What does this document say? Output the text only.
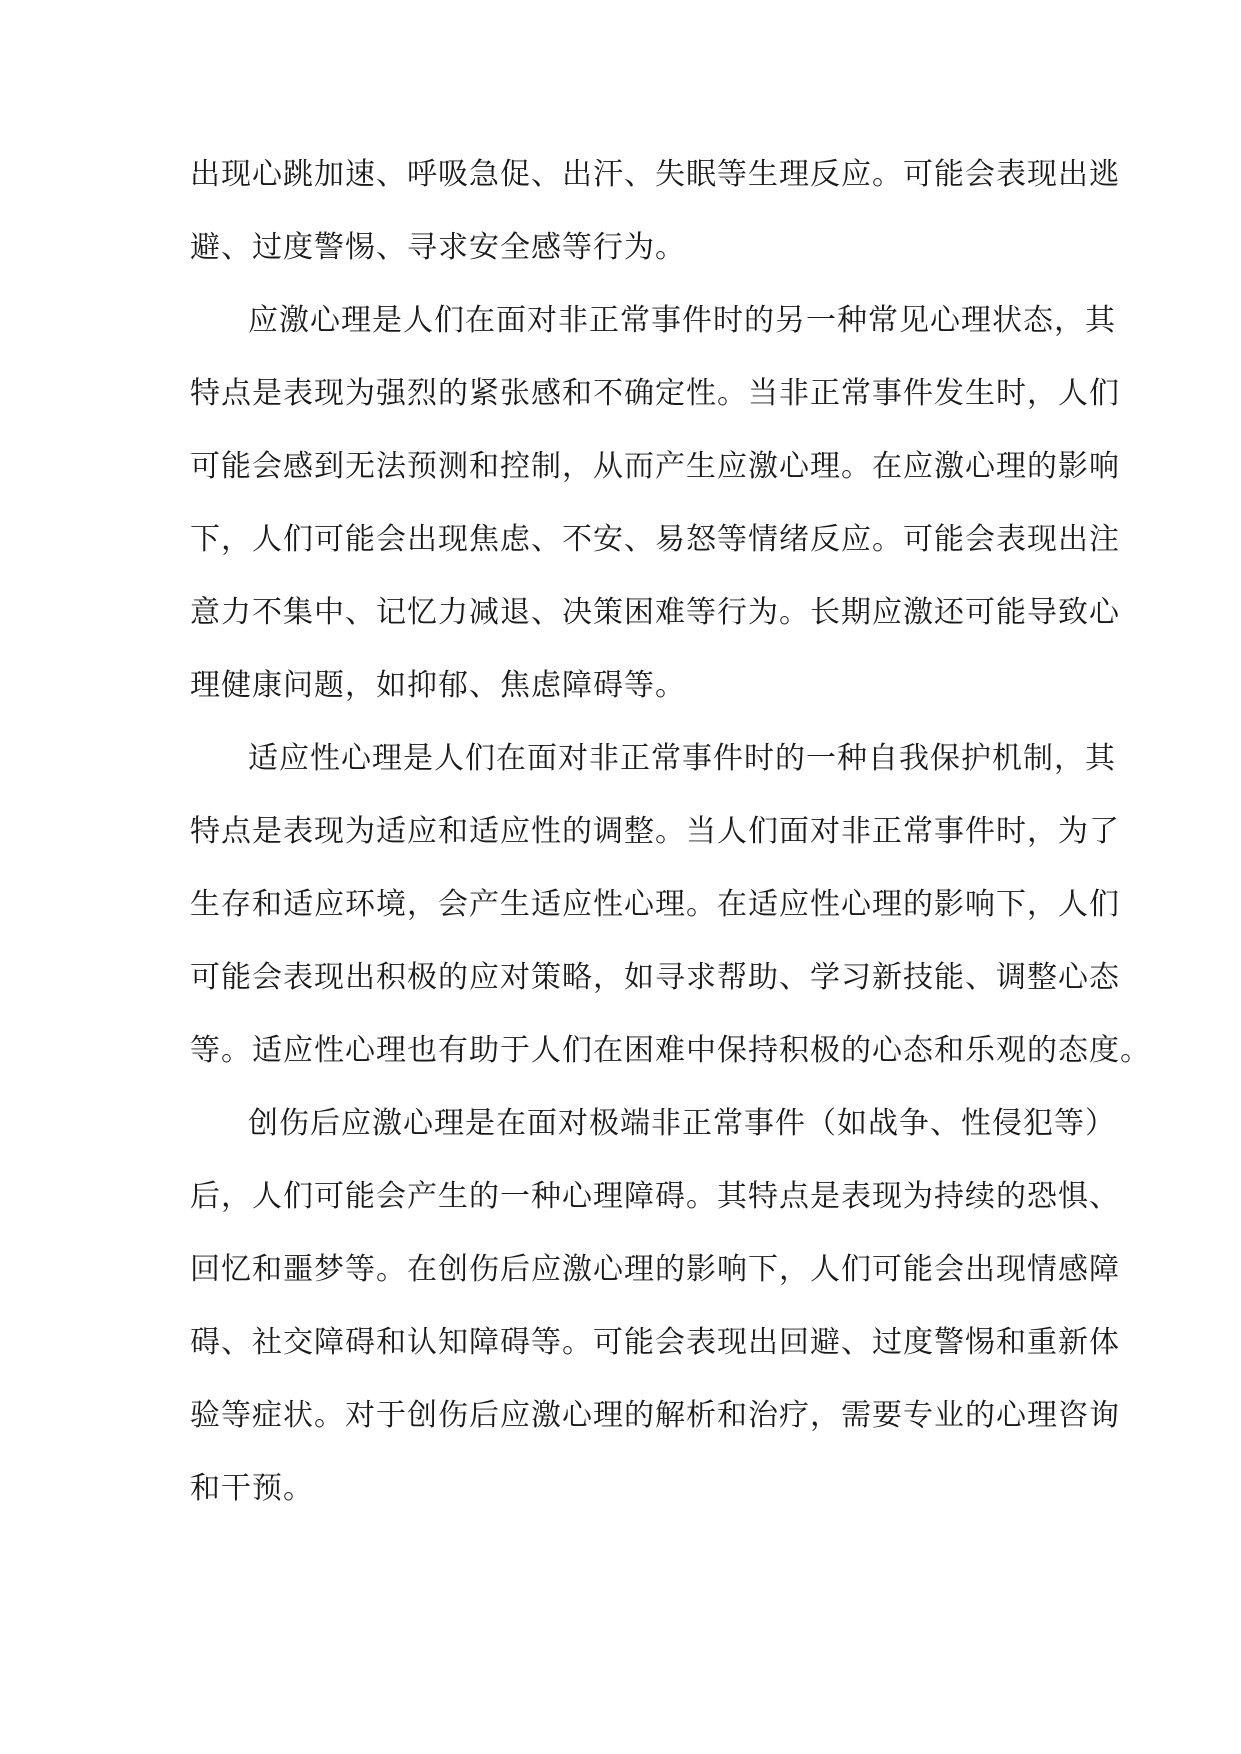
出现心跳加速、呼吸急促、出汗、失眠等生理反应。可能会表现出逃
避、过度警惕、寻求安全感等行为。
应激心理是人们在面对非正常事件时的另一种常见心理状态，其
特点是表现为强烈的紧张感和不确定性。当非正常事件发生时，人们
可能会感到无法预测和控制，从而产生应激心理。在应激心理的影响
下，人们可能会出现焦虑、不安、易怒等情绪反应。可能会表现出注
意力不集中、记忆力减退、决策困难等行为。长期应激还可能导致心
理健康问题，如抑郁、焦虑障碍等。
适应性心理是人们在面对非正常事件时的一种自我保护机制，其
特点是表现为适应和适应性的调整。当人们面对非正常事件时，为了
生存和适应环境，会产生适应性心理。在适应性心理的影响下，人们
可能会表现出积极的应对策略，如寻求帮助、学习新技能、调整心态
等。适应性心理也有助于人们在困难中保持积极的心态和乐观的态度。
创伤后应激心理是在面对极端非正常事件（如战争、性侵犯等）
后，人们可能会产生的一种心理障碍。其特点是表现为持续的恐惧、
回忆和噩梦等。在创伤后应激心理的影响下，人们可能会出现情感障
碍、社交障碍和认知障碍等。可能会表现出回避、过度警惕和重新体
验等症状。对于创伤后应激心理的解析和治疗，需要专业的心理咨询
和干预。
